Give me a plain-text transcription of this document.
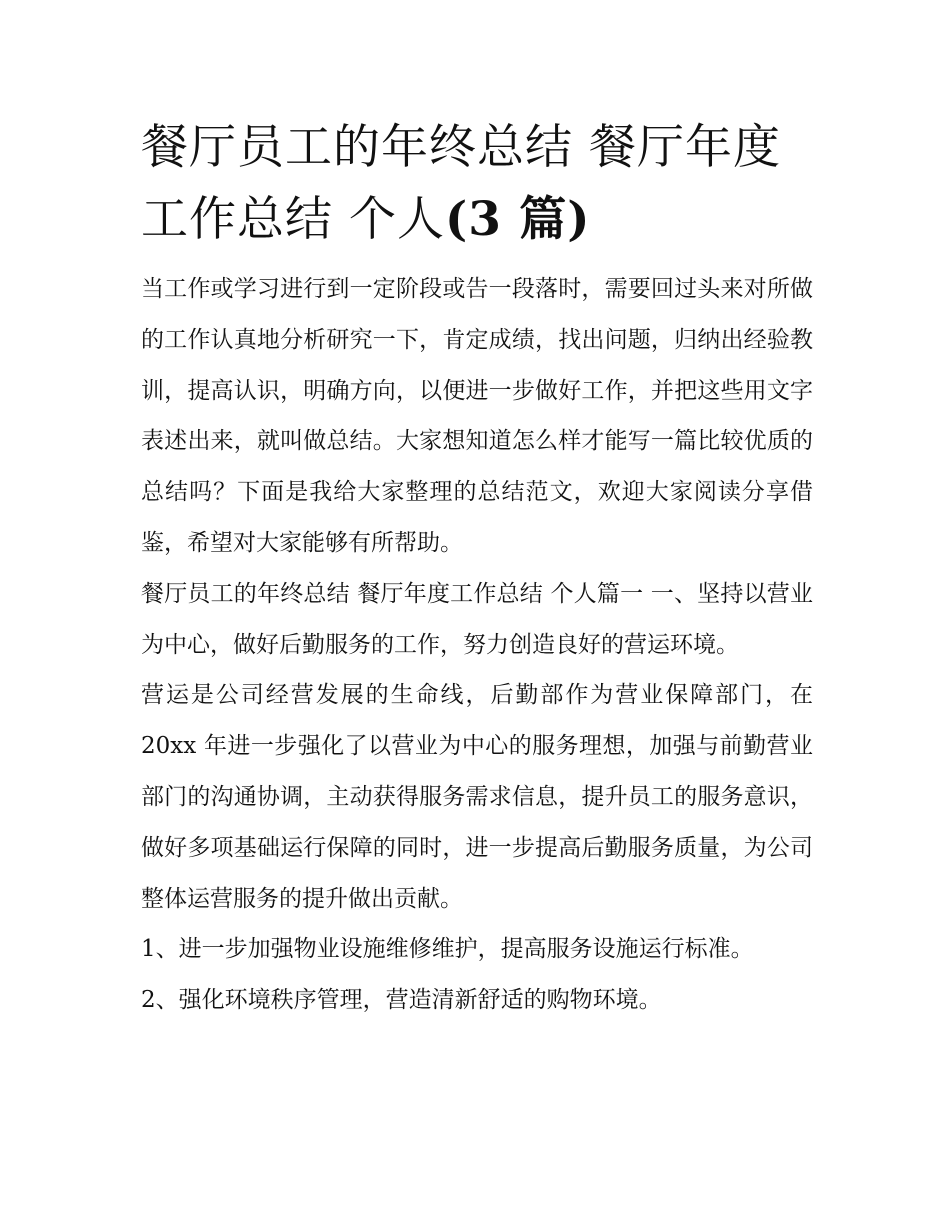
餐厅员工的年终总结 餐厅年度工作总结 个人(3 篇)

当工作或学习进行到一定阶段或告一段落时，需要回过头来对所做的工作认真地分析研究一下，肯定成绩，找出问题，归纳出经验教训，提高认识，明确方向，以便进一步做好工作，并把这些用文字表述出来，就叫做总结。大家想知道怎么样才能写一篇比较优质的总结吗？下面是我给大家整理的总结范文，欢迎大家阅读分享借鉴，希望对大家能够有所帮助。

餐厅员工的年终总结 餐厅年度工作总结 个人篇一 一、坚持以营业为中心，做好后勤服务的工作，努力创造良好的营运环境。

营运是公司经营发展的生命线，后勤部作为营业保障部门，在20xx 年进一步强化了以营业为中心的服务理想，加强与前勤营业部门的沟通协调，主动获得服务需求信息，提升员工的服务意识，做好多项基础运行保障的同时，进一步提高后勤服务质量，为公司整体运营服务的提升做出贡献。

1、进一步加强物业设施维修维护，提高服务设施运行标准。

2、强化环境秩序管理，营造清新舒适的购物环境。
